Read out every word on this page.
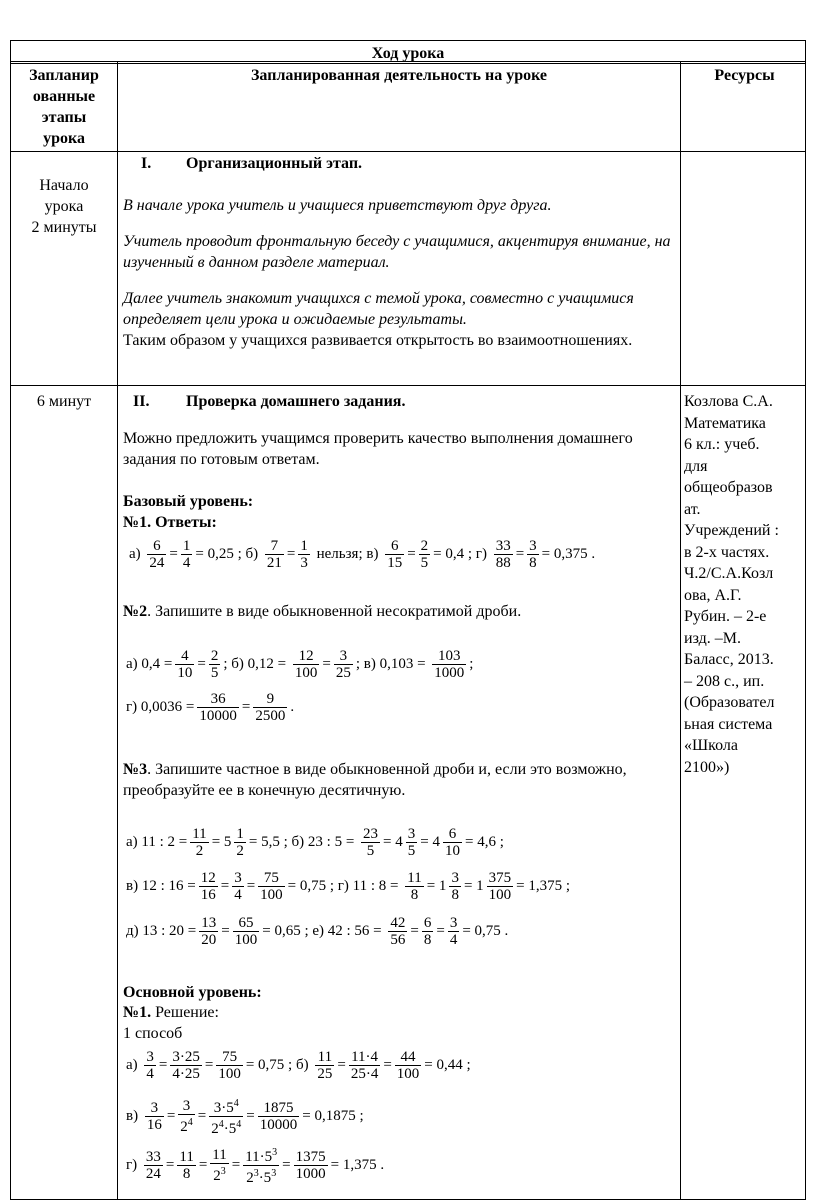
Ход урока
Запланир
ованные
этапы
урока
Запланированная деятельность на уроке	Ресурсы
Начало
урока
2 минуты
I. Организационный этап.
В начале урока учитель и учащиеся приветствуют друг друга.
Учитель проводит фронтальную беседу с учащимися, акцентируя внимание, на изученный в данном разделе материал.
Далее учитель знакомит учащихся с темой урока, совместно с учащимися определяет цели урока и ожидаемые результаты.
Таким образом у учащихся развивается открытость во взаимоотношениях.
6 минут	II. Проверка домашнего задания.
Можно предложить учащимся проверить качество выполнения домашнего задания по готовым ответам.
Базовый уровень:
№1. Ответы:
$а) \frac{6}{24} = \frac{1}{4} = 0,25$ ; $б) \frac{7}{21} = \frac{1}{3}$ нельзя; $в) \frac{6}{15} = \frac{2}{5} = 0,4$ ; $г) \frac{33}{88} = \frac{3}{8} = 0,375$ .
№2. Запишите в виде обыкновенной несократимой дроби.
а) $0,4 = \frac{4}{10} = \frac{2}{5}$ ; б) $0,12 = \frac{12}{100} = \frac{3}{25}$ ; в) $0,103 = \frac{103}{1000}$ ;
г) $0,0036 = \frac{36}{10000} = \frac{9}{2500}$ .
№3. Запишите частное в виде обыкновенной дроби и, если это возможно, преобразуйте ее в конечную десятичную.
а) 11 : $2 = \frac{11}{2} = 5 \frac{1}{2} = 5,5$ ; б) 23 : $5 = \frac{23}{5} = 4 \frac{3}{5} = 4 \frac{6}{10} = 4,6$ ;
в) 12 : $16 = \frac{12}{16} = \frac{3}{4} = \frac{75}{100} = 0,75$ ; г) 11 : $8 = \frac{11}{8} = 1 \frac{3}{8} = 1 \frac{375}{100} = 1,375$ ;
д) 13 : $20 = \frac{13}{20} = \frac{65}{100} = 0,65$ ; е) 42 : $56 = \frac{42}{56} = \frac{6}{8} = \frac{3}{4} = 0,75$ .
Основной уровень:
№1. Решение:
1 способ
$а) \frac{3}{4} = \frac{3\cdot 25}{4\cdot 25} = \frac{75}{100} = 0,75$ ; $б) \frac{11}{25} = \frac{11\cdot 4}{25\cdot 4} = \frac{44}{100} = 0,44$ ;
$в) \frac{3}{16} = \frac{3}{2^4} = \frac{3\cdot 5^4}{2^4\cdot 5^4} = \frac{1875}{10000} = 0,1875$ ;
$г) \frac{33}{24} = \frac{11}{8} = \frac{11}{2^3} = \frac{11\cdot 5^3}{2^3\cdot 5^3} = \frac{1375}{1000} = 1,375$ .
Козлова С.А.
Математика
6 кл.: учеб.
для
общеобразов
ат.
Учреждений :
в 2-х частях.
Ч.2/С.А.Козл
ова, А.Г.
Рубин. – 2-е
изд. –М.
Баласс, 2013.
– 208 с., ип.
(Образовател
ьная система
«Школа
2100»)
